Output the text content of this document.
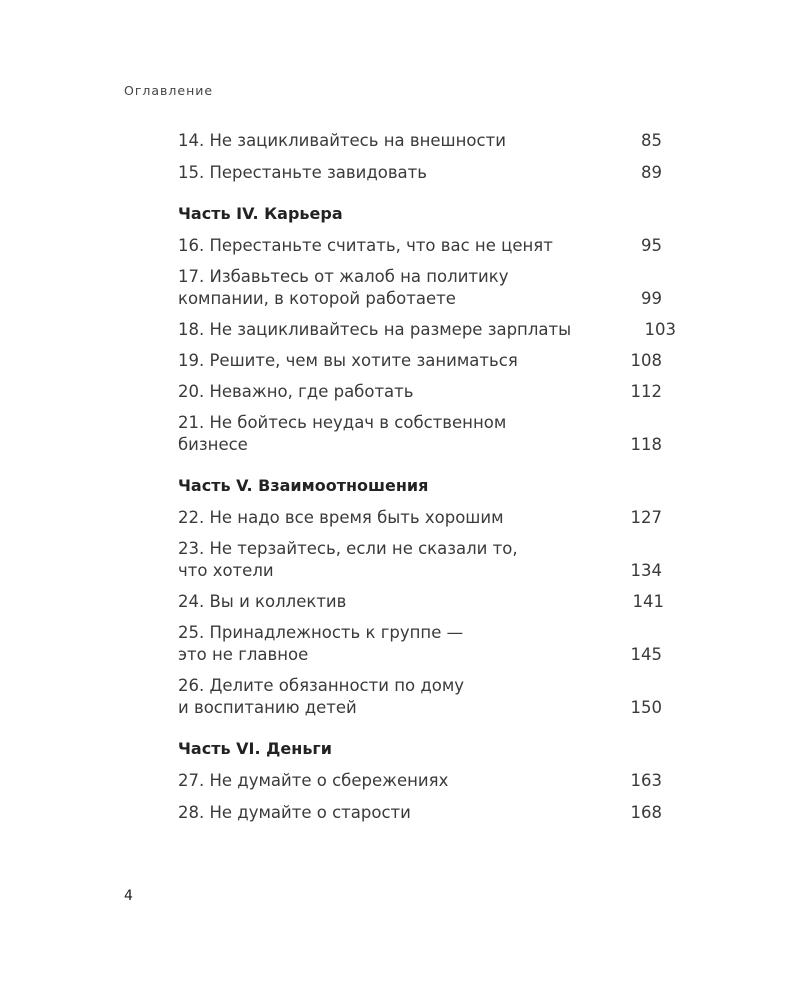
Оглавление
14. Не зацикливайтесь на внешности	85
15. Перестаньте завидовать	89
Часть IV. Карьера
16. Перестаньте считать, что вас не ценят	95
17. Избавьтесь от жалоб на политику
компании, в которой работаете	99
18. Не зацикливайтесь на размере зарплаты	103
19. Решите, чем вы хотите заниматься	108
20. Неважно, где работать	112
21. Не бойтесь неудач в собственном
бизнесе	118
Часть V. Взаимоотношения
22. Не надо все время быть хорошим	127
23. Не терзайтесь, если не сказали то,
что хотели	134
24. Вы и коллектив	141
25. Принадлежность к группе —
это не главное	145
26. Делите обязанности по дому
и воспитанию детей	150
Часть VI. Деньги
27. Не думайте о сбережениях	163
28. Не думайте о старости	168
4
